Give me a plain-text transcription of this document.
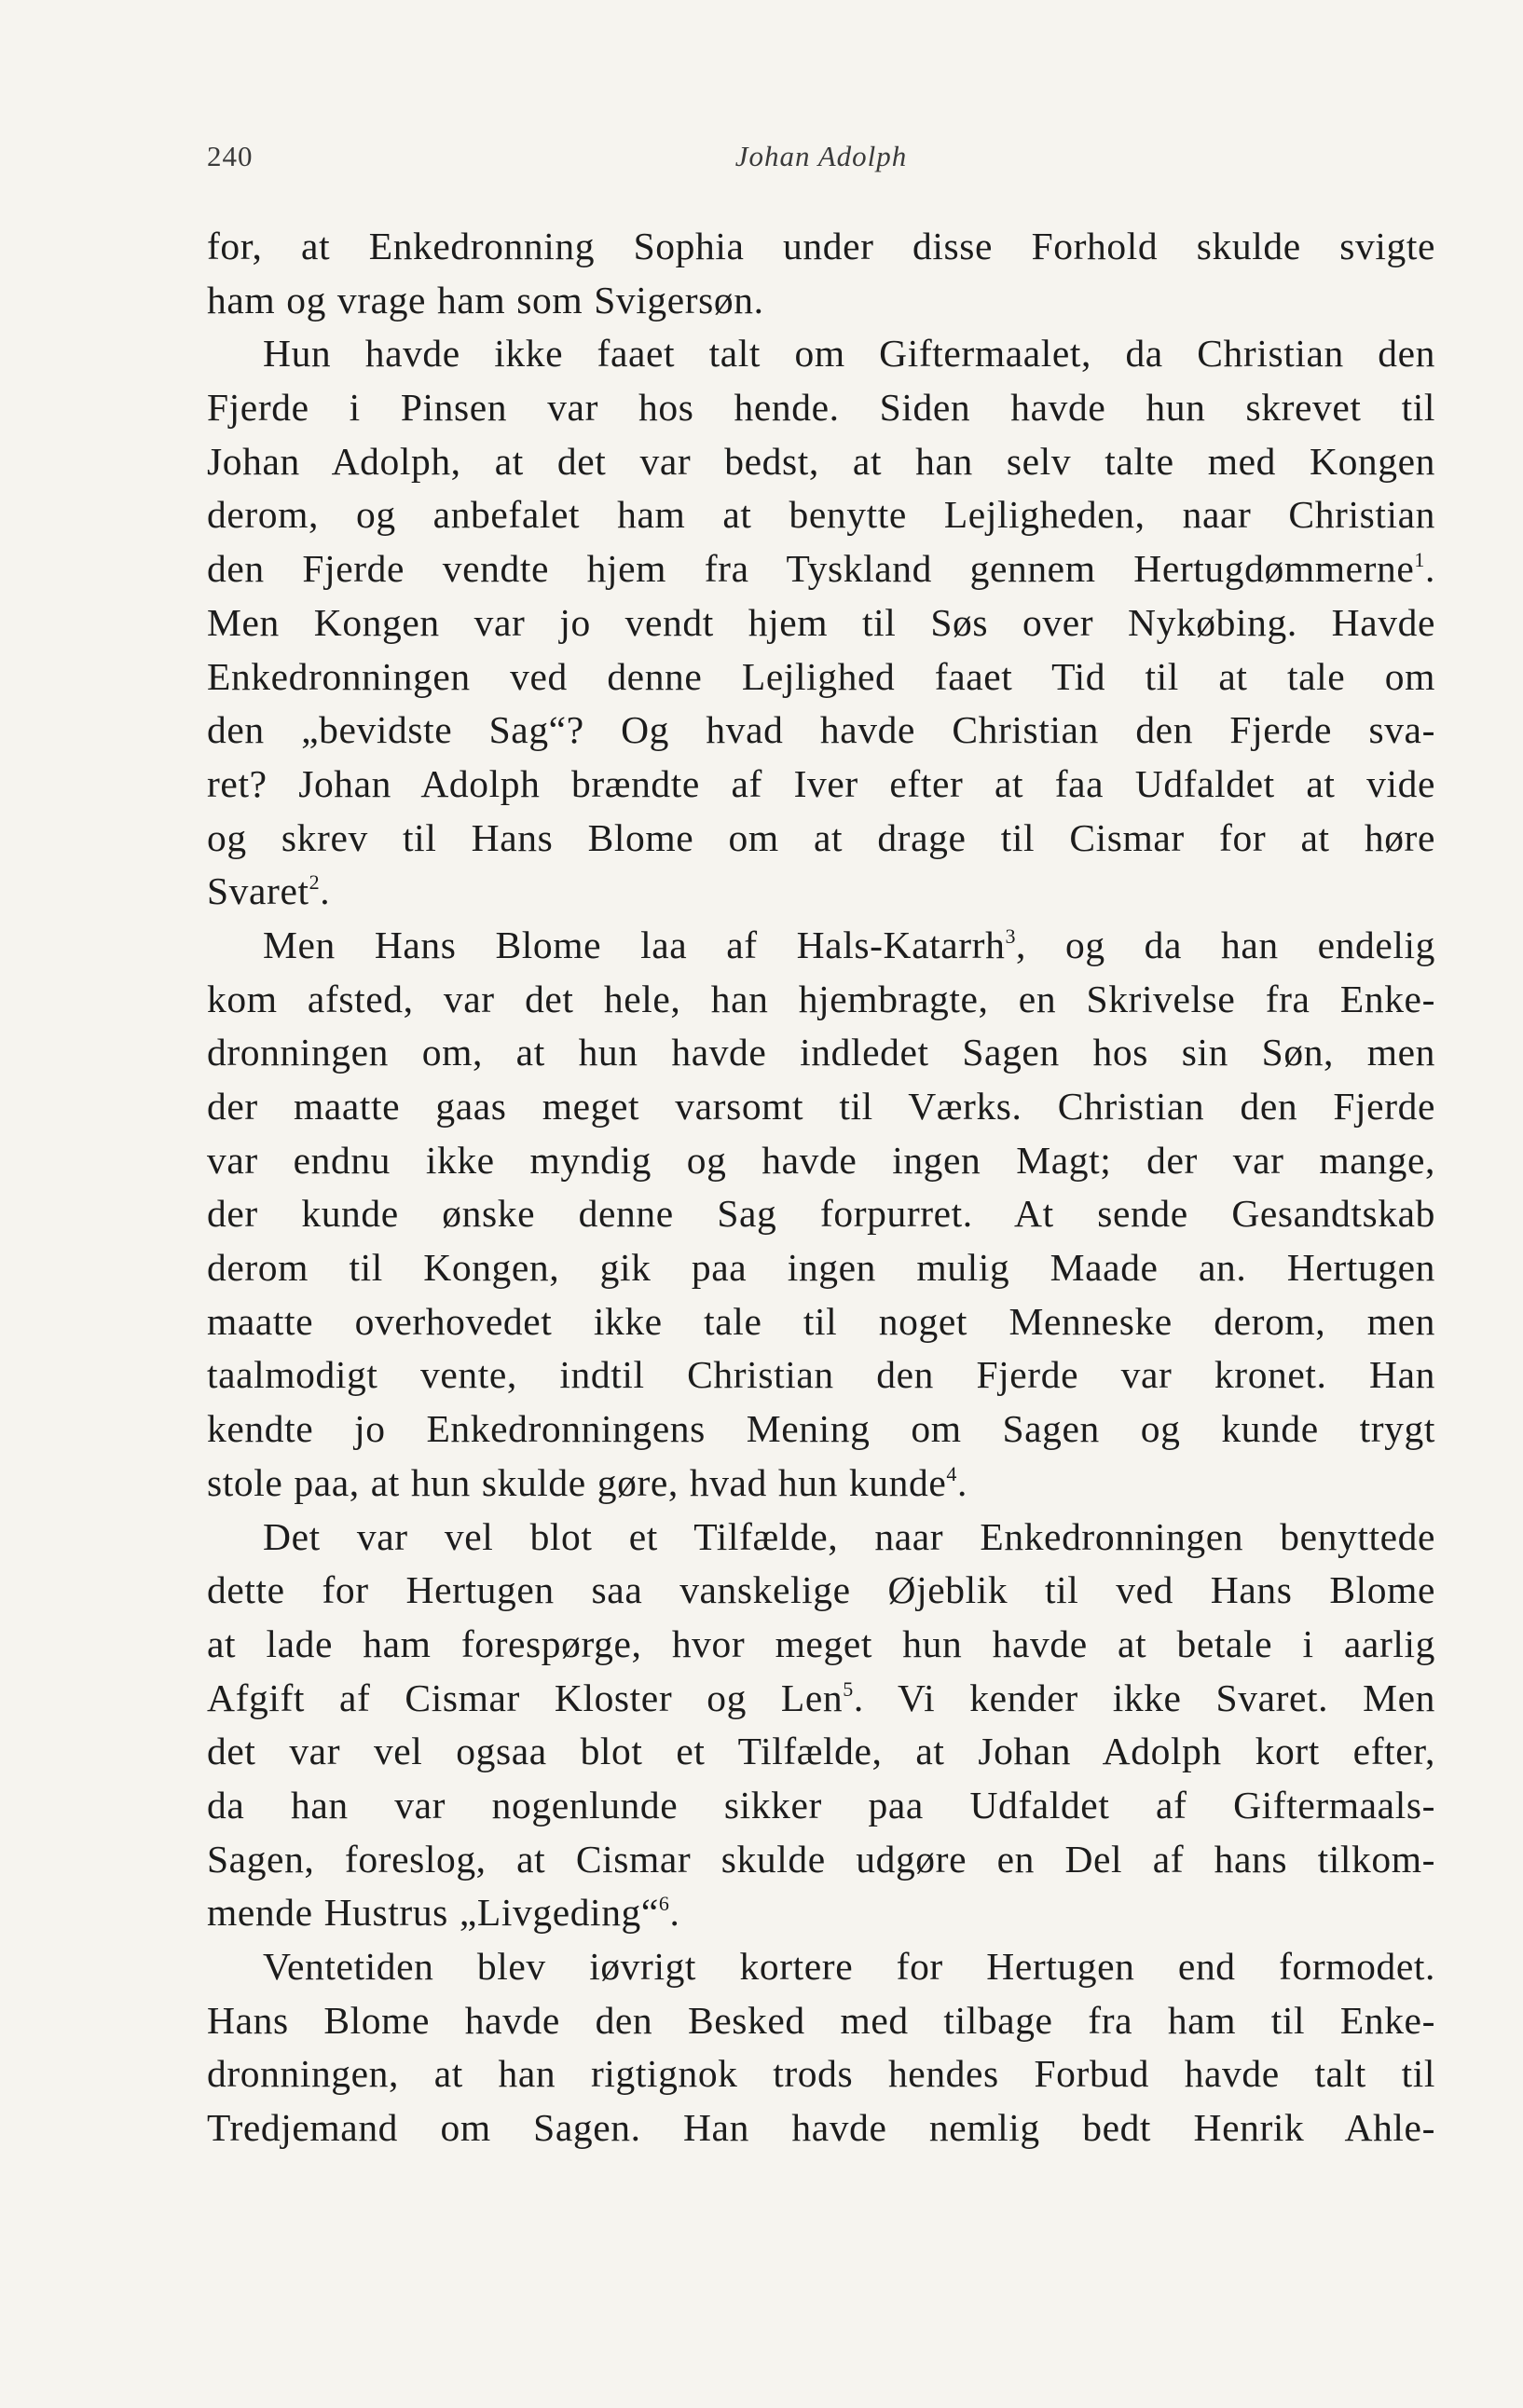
240	Johan Adolph
for, at Enkedronning Sophia under disse Forhold skulde svigte
ham og vrage ham som Svigersøn.
Hun havde ikke faaet talt om Giftermaalet, da Christian den
Fjerde i Pinsen var hos hende. Siden havde hun skrevet til
Johan Adolph, at det var bedst, at han selv talte med Kongen
derom, og anbefalet ham at benytte Lejligheden, naar Christian
den Fjerde vendte hjem fra Tyskland gennem Hertugdømmerne$^1$.
Men Kongen var jo vendt hjem til Søs over Nykøbing. Havde
Enkedronningen ved denne Lejlighed faaet Tid til at tale om
den „bevidste Sag“? Og hvad havde Christian den Fjerde sva-
ret? Johan Adolph brændte af Iver efter at faa Udfaldet at vide
og skrev til Hans Blome om at drage til Cismar for at høre
Svaret$^2$.
Men Hans Blome laa af Hals-Katarrh$^3$, og da han endelig
kom afsted, var det hele, han hjembragte, en Skrivelse fra Enke-
dronningen om, at hun havde indledet Sagen hos sin Søn, men
der maatte gaas meget varsomt til Værks. Christian den Fjerde
var endnu ikke myndig og havde ingen Magt; der var mange,
der kunde ønske denne Sag forpurret. At sende Gesandtskab
derom til Kongen, gik paa ingen mulig Maade an. Hertugen
maatte overhovedet ikke tale til noget Menneske derom, men
taalmodigt vente, indtil Christian den Fjerde var kronet. Han
kendte jo Enkedronningens Mening om Sagen og kunde trygt
stole paa, at hun skulde gøre, hvad hun kunde$^4$.
Det var vel blot et Tilfælde, naar Enkedronningen benyttede
dette for Hertugen saa vanskelige Øjeblik til ved Hans Blome
at lade ham forespørge, hvor meget hun havde at betale i aarlig
Afgift af Cismar Kloster og Len$^5$. Vi kender ikke Svaret. Men
det var vel ogsaa blot et Tilfælde, at Johan Adolph kort efter,
da han var nogenlunde sikker paa Udfaldet af Giftermaals-
Sagen, foreslog, at Cismar skulde udgøre en Del af hans tilkom-
mende Hustrus „Livgeding“$^6$.
Ventetiden blev iøvrigt kortere for Hertugen end formodet.
Hans Blome havde den Besked med tilbage fra ham til Enke-
dronningen, at han rigtignok trods hendes Forbud havde talt til
Tredjemand om Sagen. Han havde nemlig bedt Henrik Ahle-
